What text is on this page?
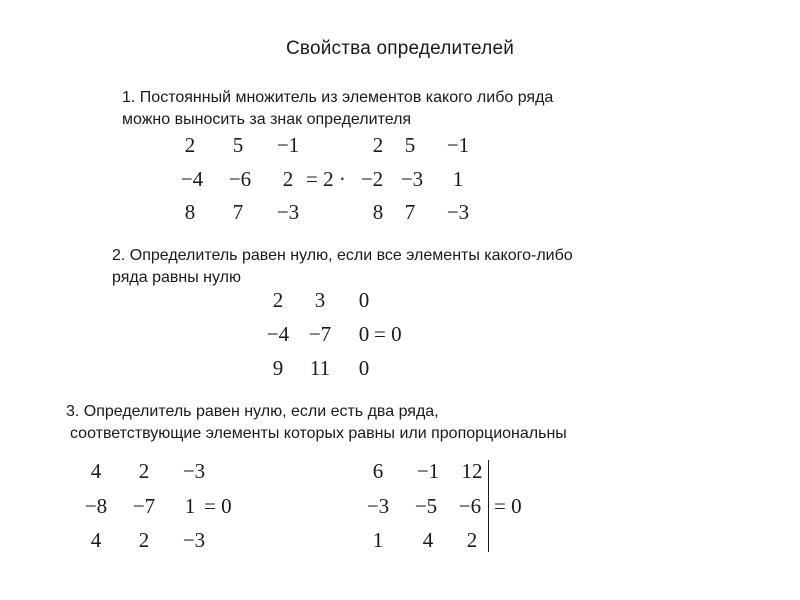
Свойства определителей
1. Постоянный множитель из элементов какого либо ряда
можно выносить за знак определителя
2	5	−1
−4	−6	2
8	7	−3
= 2 ·
2	5	−1
−2 −3	1
8	7	−3
2. Определитель равен нулю, если все элементы какого-либо
ряда равны нулю
2	3	0
−4 −7	0
9	11	0
= 0
3. Определитель равен нулю, если есть два ряда,
соответствующие элементы которых равны или пропорциональны
4	2	−3
−8	−7	1
4	2	−3
= 0
6	−1	12
−3	−5	−6
1	4	2
= 0
